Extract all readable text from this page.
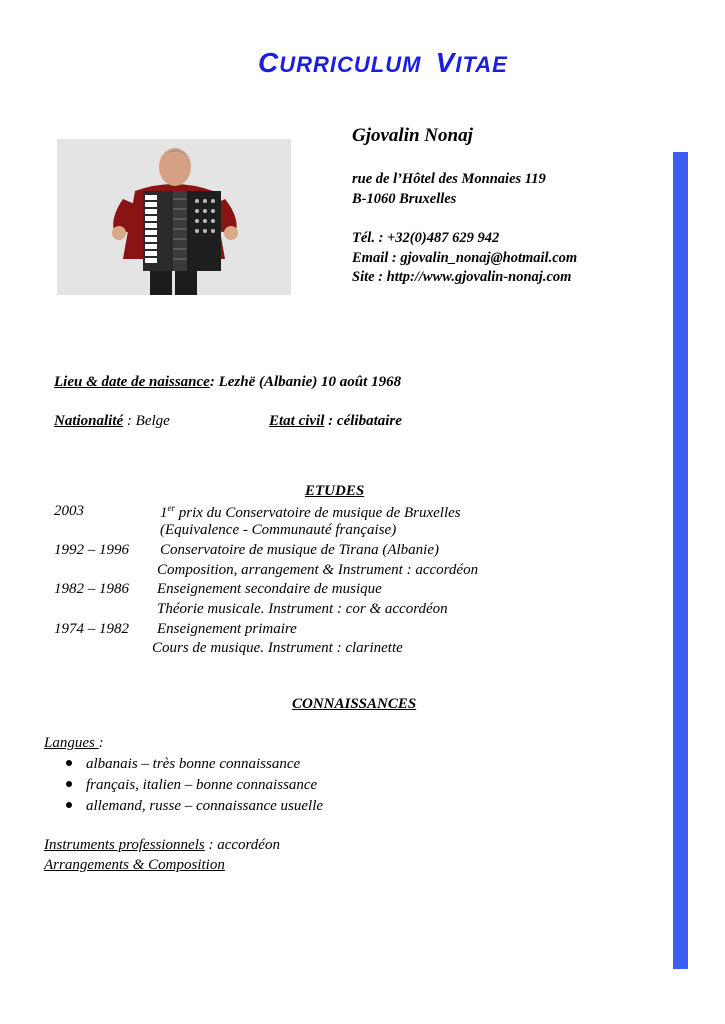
CURRICULUM VITAE
Gjovalin Nonaj
rue de l’Hôtel des Monnaies 119
B-1060 Bruxelles
Tél. : +32(0)487 629 942
Email : gjovalin_nonaj@hotmail.com
Site : http://www.gjovalin-nonaj.com
Lieu & date de naissance: Lezhë (Albanie) 10 août 1968
Nationalité : Belge	Etat civil : célibataire
ETUDES
2003	1er prix du Conservatoire de musique de Bruxelles
(Equivalence - Communauté française)
1992 – 1996 Conservatoire de musique de Tirana (Albanie)
Composition, arrangement & Instrument : accordéon
1982 – 1986 Enseignement secondaire de musique
Théorie musicale. Instrument : cor & accordéon
1974 – 1982 Enseignement primaire
Cours de musique. Instrument : clarinette
CONNAISSANCES
Langues :
albanais – très bonne connaissance
français, italien – bonne connaissance
allemand, russe – connaissance usuelle
Instruments professionnels : accordéon
Arrangements & Composition
